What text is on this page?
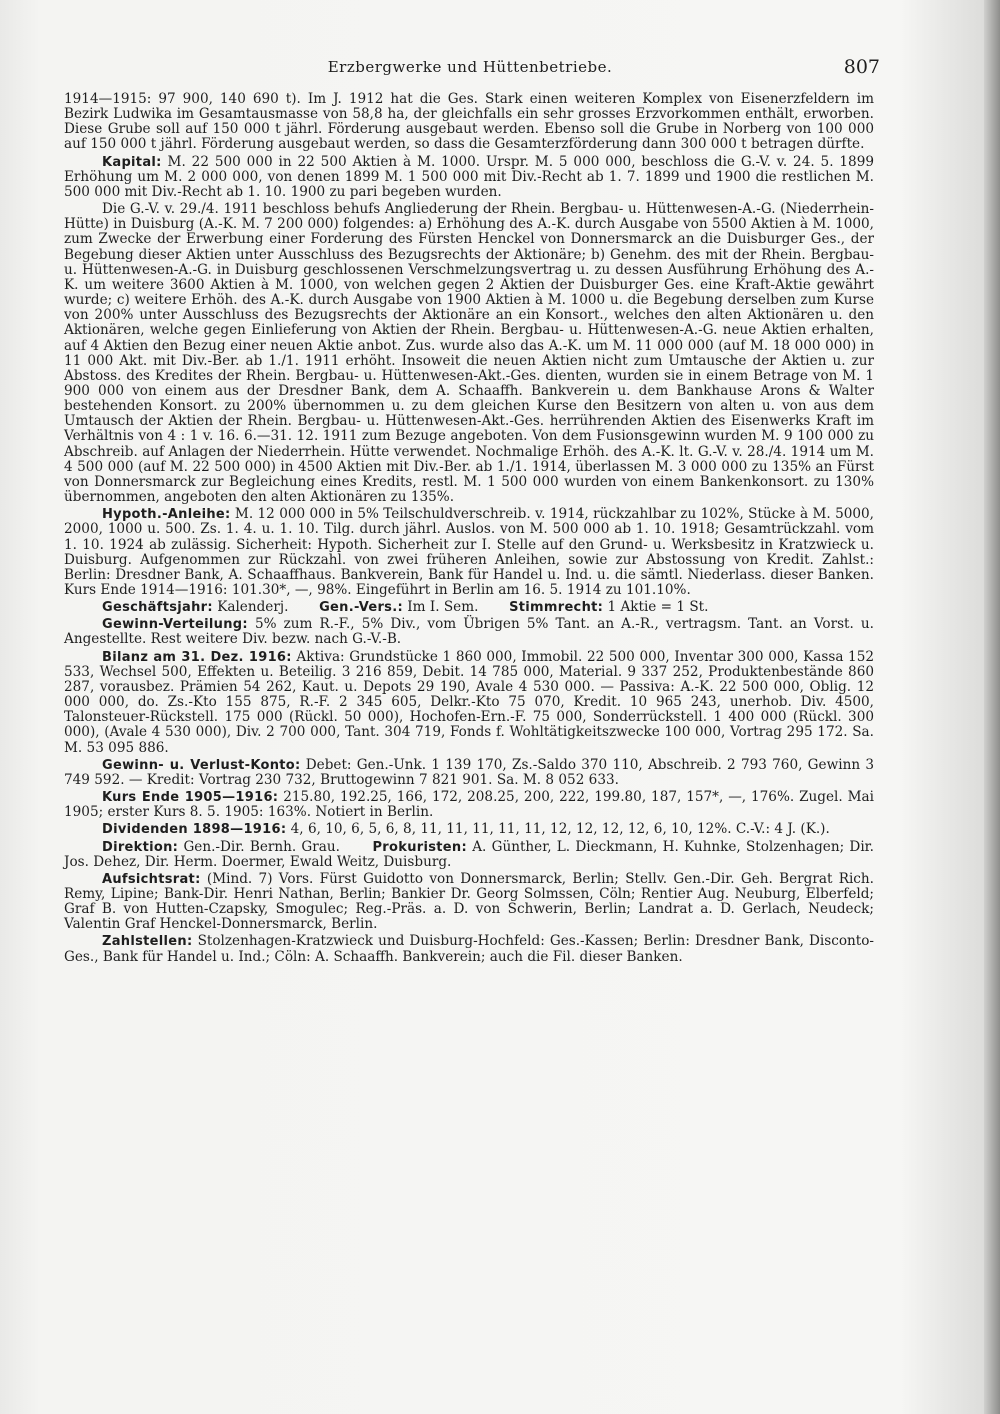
Erzbergwerke und Hüttenbetriebe.	807

1914—1915: 97 900, 140 690 t). Im J. 1912 hat die Ges. Stark einen weiteren Komplex von Eisenerzfeldern im Bezirk Ludwika im Gesamtausmasse von 58,8 ha, der gleichfalls ein sehr grosses Erzvorkommen enthält, erworben. Diese Grube soll auf 150 000 t jährl. Förderung ausgebaut werden. Ebenso soll die Grube in Norberg von 100 000 auf 150 000 t jährl. Förderung ausgebaut werden, so dass die Gesamterzförderung dann 300 000 t betragen dürfte.

Kapital: M. 22 500 000 in 22 500 Aktien à M. 1000. Urspr. M. 5 000 000, beschloss die G.-V. v. 24. 5. 1899 Erhöhung um M. 2 000 000, von denen 1899 M. 1 500 000 mit Div.-Recht ab 1. 7. 1899 und 1900 die restlichen M. 500 000 mit Div.-Recht ab 1. 10. 1900 zu pari begeben wurden.

Die G.-V. v. 29./4. 1911 beschloss behufs Angliederung der Rhein. Bergbau- u. Hüttenwesen-A.-G. (Niederrhein-Hütte) in Duisburg (A.-K. M. 7 200 000) folgendes: a) Erhöhung des A.-K. durch Ausgabe von 5500 Aktien à M. 1000, zum Zwecke der Erwerbung einer Forderung des Fürsten Henckel von Donnersmarck an die Duisburger Ges., der Begebung dieser Aktien unter Ausschluss des Bezugsrechts der Aktionäre; b) Genehm. des mit der Rhein. Bergbau- u. Hüttenwesen-A.-G. in Duisburg geschlossenen Verschmelzungsvertrag u. zu dessen Ausführung Erhöhung des A.-K. um weitere 3600 Aktien à M. 1000, von welchen gegen 2 Aktien der Duisburger Ges. eine Kraft-Aktie gewährt wurde; c) weitere Erhöh. des A.-K. durch Ausgabe von 1900 Aktien à M. 1000 u. die Begebung derselben zum Kurse von 200% unter Ausschluss des Bezugsrechts der Aktionäre an ein Konsort., welches den alten Aktionären u. den Aktionären, welche gegen Einlieferung von Aktien der Rhein. Bergbau- u. Hüttenwesen-A.-G. neue Aktien erhalten, auf 4 Aktien den Bezug einer neuen Aktie anbot. Zus. wurde also das A.-K. um M. 11 000 000 (auf M. 18 000 000) in 11 000 Akt. mit Div.-Ber. ab 1./1. 1911 erhöht. Insoweit die neuen Aktien nicht zum Umtausche der Aktien u. zur Abstoss. des Kredites der Rhein. Bergbau- u. Hüttenwesen-Akt.-Ges. dienten, wurden sie in einem Betrage von M. 1 900 000 von einem aus der Dresdner Bank, dem A. Schaaffh. Bankverein u. dem Bankhause Arons & Walter bestehenden Konsort. zu 200% übernommen u. zu dem gleichen Kurse den Besitzern von alten u. von aus dem Umtausch der Aktien der Rhein. Bergbau- u. Hüttenwesen-Akt.-Ges. herrührenden Aktien des Eisenwerks Kraft im Verhältnis von 4 : 1 v. 16. 6.—31. 12. 1911 zum Bezuge angeboten. Von dem Fusionsgewinn wurden M. 9 100 000 zu Abschreib. auf Anlagen der Niederrhein. Hütte verwendet. Nochmalige Erhöh. des A.-K. lt. G.-V. v. 28./4. 1914 um M. 4 500 000 (auf M. 22 500 000) in 4500 Aktien mit Div.-Ber. ab 1./1. 1914, überlassen M. 3 000 000 zu 135% an Fürst von Donnersmarck zur Begleichung eines Kredits, restl. M. 1 500 000 wurden von einem Bankenkonsort. zu 130% übernommen, angeboten den alten Aktionären zu 135%.

Hypoth.-Anleihe: M. 12 000 000 in 5% Teilschuldverschreib. v. 1914, rückzahlbar zu 102%, Stücke à M. 5000, 2000, 1000 u. 500. Zs. 1. 4. u. 1. 10. Tilg. durch jährl. Auslos. von M. 500 000 ab 1. 10. 1918; Gesamtrückzahl. vom 1. 10. 1924 ab zulässig. Sicherheit: Hypoth. Sicherheit zur I. Stelle auf den Grund- u. Werksbesitz in Kratzwieck u. Duisburg. Aufgenommen zur Rückzahl. von zwei früheren Anleihen, sowie zur Abstossung von Kredit. Zahlst.: Berlin: Dresdner Bank, A. Schaaffhaus. Bankverein, Bank für Handel u. Ind. u. die sämtl. Niederlass. dieser Banken. Kurs Ende 1914—1916: 101.30*, —, 98%. Eingeführt in Berlin am 16. 5. 1914 zu 101.10%.

Geschäftsjahr: Kalenderj. Gen.-Vers.: Im I. Sem. Stimmrecht: 1 Aktie = 1 St.

Gewinn-Verteilung: 5% zum R.-F., 5% Div., vom Übrigen 5% Tant. an A.-R., vertragsm. Tant. an Vorst. u. Angestellte. Rest weitere Div. bezw. nach G.-V.-B.

Bilanz am 31. Dez. 1916: Aktiva: Grundstücke 1 860 000, Immobil. 22 500 000, Inventar 300 000, Kassa 152 533, Wechsel 500, Effekten u. Beteilig. 3 216 859, Debit. 14 785 000, Material. 9 337 252, Produktenbestände 860 287, vorausbez. Prämien 54 262, Kaut. u. Depots 29 190, Avale 4 530 000. — Passiva: A.-K. 22 500 000, Oblig. 12 000 000, do. Zs.-Kto 155 875, R.-F. 2 345 605, Delkr.-Kto 75 070, Kredit. 10 965 243, unerhob. Div. 4500, Talonsteuer-Rückstell. 175 000 (Rückl. 50 000), Hochofen-Ern.-F. 75 000, Sonderrückstell. 1 400 000 (Rückl. 300 000), (Avale 4 530 000), Div. 2 700 000, Tant. 304 719, Fonds f. Wohltätigkeitszwecke 100 000, Vortrag 295 172. Sa. M. 53 095 886.

Gewinn- u. Verlust-Konto: Debet: Gen.-Unk. 1 139 170, Zs.-Saldo 370 110, Abschreib. 2 793 760, Gewinn 3 749 592. — Kredit: Vortrag 230 732, Bruttogewinn 7 821 901. Sa. M. 8 052 633.

Kurs Ende 1905—1916: 215.80, 192.25, 166, 172, 208.25, 200, 222, 199.80, 187, 157*, —, 176%. Zugel. Mai 1905; erster Kurs 8. 5. 1905: 163%. Notiert in Berlin.

Dividenden 1898—1916: 4, 6, 10, 6, 5, 6, 8, 11, 11, 11, 11, 11, 12, 12, 12, 12, 6, 10, 12%. C.-V.: 4 J. (K.).

Direktion: Gen.-Dir. Bernh. Grau.	Prokuristen: A. Günther, L. Dieckmann, H. Kuhnke, Stolzenhagen; Dir. Jos. Dehez, Dir. Herm. Doermer, Ewald Weitz, Duisburg.

Aufsichtsrat: (Mind. 7) Vors. Fürst Guidotto von Donnersmarck, Berlin; Stellv. Gen.-Dir. Geh. Bergrat Rich. Remy, Lipine; Bank-Dir. Henri Nathan, Berlin; Bankier Dr. Georg Solmssen, Cöln; Rentier Aug. Neuburg, Elberfeld; Graf B. von Hutten-Czapsky, Smogulec; Reg.-Präs. a. D. von Schwerin, Berlin; Landrat a. D. Gerlach, Neudeck; Valentin Graf Henckel-Donnersmarck, Berlin.

Zahlstellen: Stolzenhagen-Kratzwieck und Duisburg-Hochfeld: Ges.-Kassen; Berlin: Dresdner Bank, Disconto-Ges., Bank für Handel u. Ind.; Cöln: A. Schaaffh. Bankverein; auch die Fil. dieser Banken.
